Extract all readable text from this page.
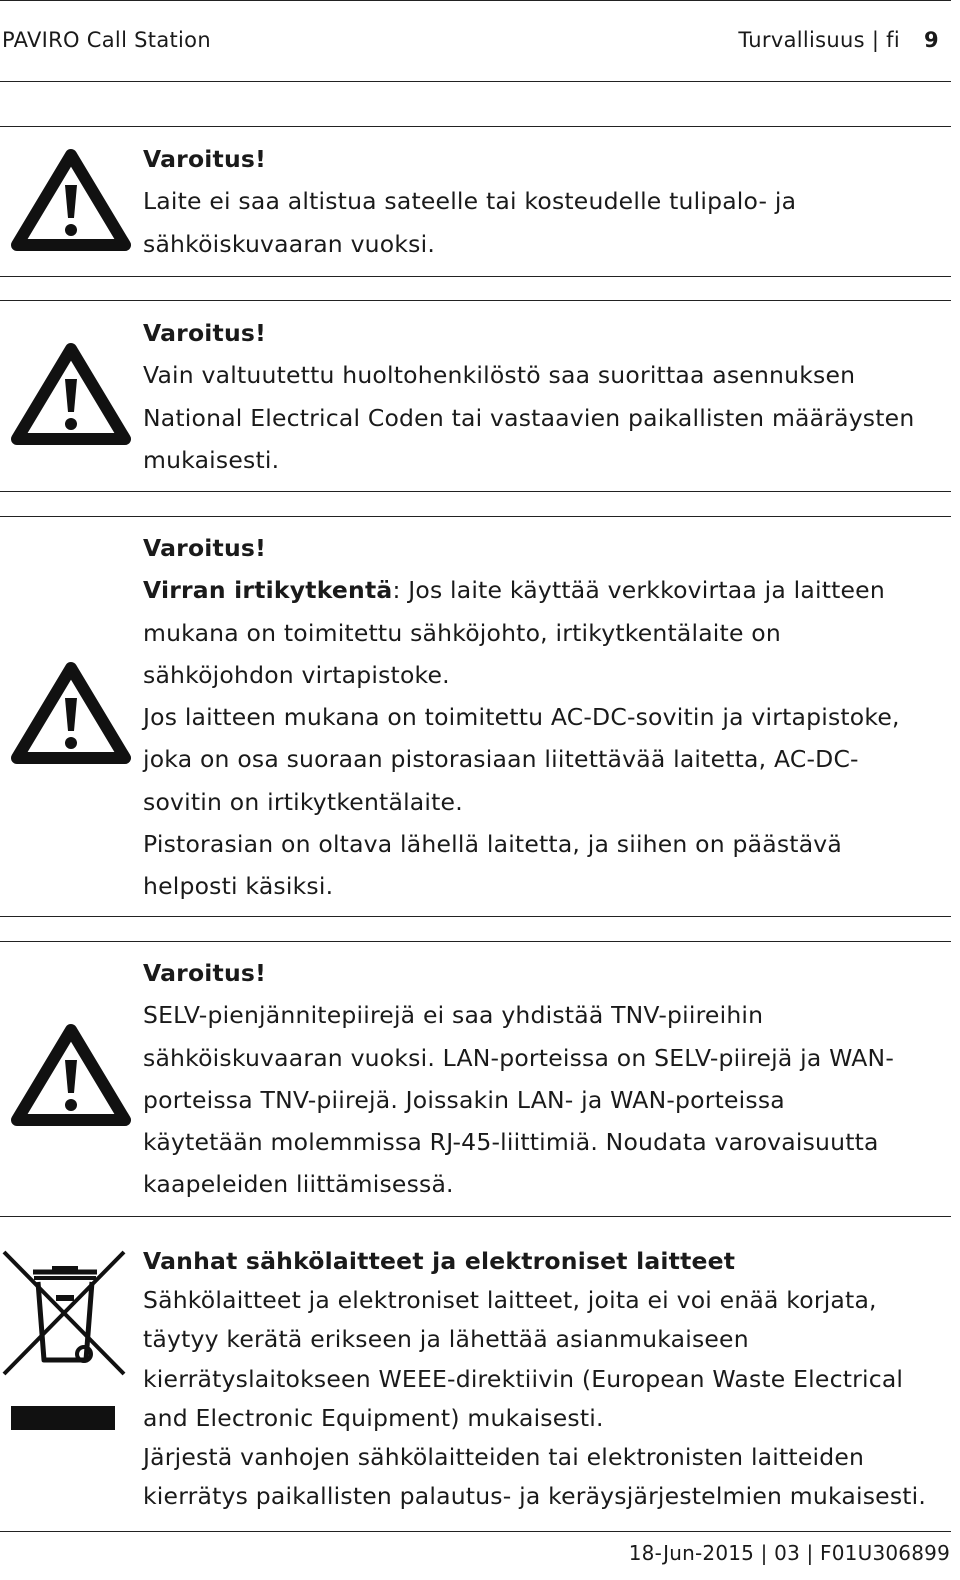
PAVIRO Call Station	Turvallisuus | fi 9
Varoitus!

Laite ei saa altistua sateelle tai kosteudelle tulipalo- ja

sähköiskuvaaran vuoksi.

Varoitus!

Vain valtuutettu huoltohenkilöstö saa suorittaa asennuksen

National Electrical Coden tai vastaavien paikallisten määräysten

mukaisesti.

Varoitus!

Virran irtikytkentä: Jos laite käyttää verkkovirtaa ja laitteen

mukana on toimitettu sähköjohto, irtikytkentälaite on

sähköjohdon virtapistoke.

Jos laitteen mukana on toimitettu AC-DC-sovitin ja virtapistoke,

joka on osa suoraan pistorasiaan liitettävää laitetta, AC-DC-

sovitin on irtikytkentälaite.

Pistorasian on oltava lähellä laitetta, ja siihen on päästävä

helposti käsiksi.

Varoitus!

SELV-pienjännitepiirejä ei saa yhdistää TNV-piireihin

sähköiskuvaaran vuoksi. LAN-porteissa on SELV-piirejä ja WAN-

porteissa TNV-piirejä. Joissakin LAN- ja WAN-porteissa

käytetään molemmissa RJ-45-liittimiä. Noudata varovaisuutta

kaapeleiden liittämisessä.

Vanhat sähkölaitteet ja elektroniset laitteet

Sähkölaitteet ja elektroniset laitteet, joita ei voi enää korjata,

täytyy kerätä erikseen ja lähettää asianmukaiseen

kierrätyslaitokseen WEEE-direktiivin (European Waste Electrical

and Electronic Equipment) mukaisesti.

Järjestä vanhojen sähkölaitteiden tai elektronisten laitteiden

kierrätys paikallisten palautus- ja keräysjärjestelmien mukaisesti.

18-Jun-2015 | 03 | F01U306899
